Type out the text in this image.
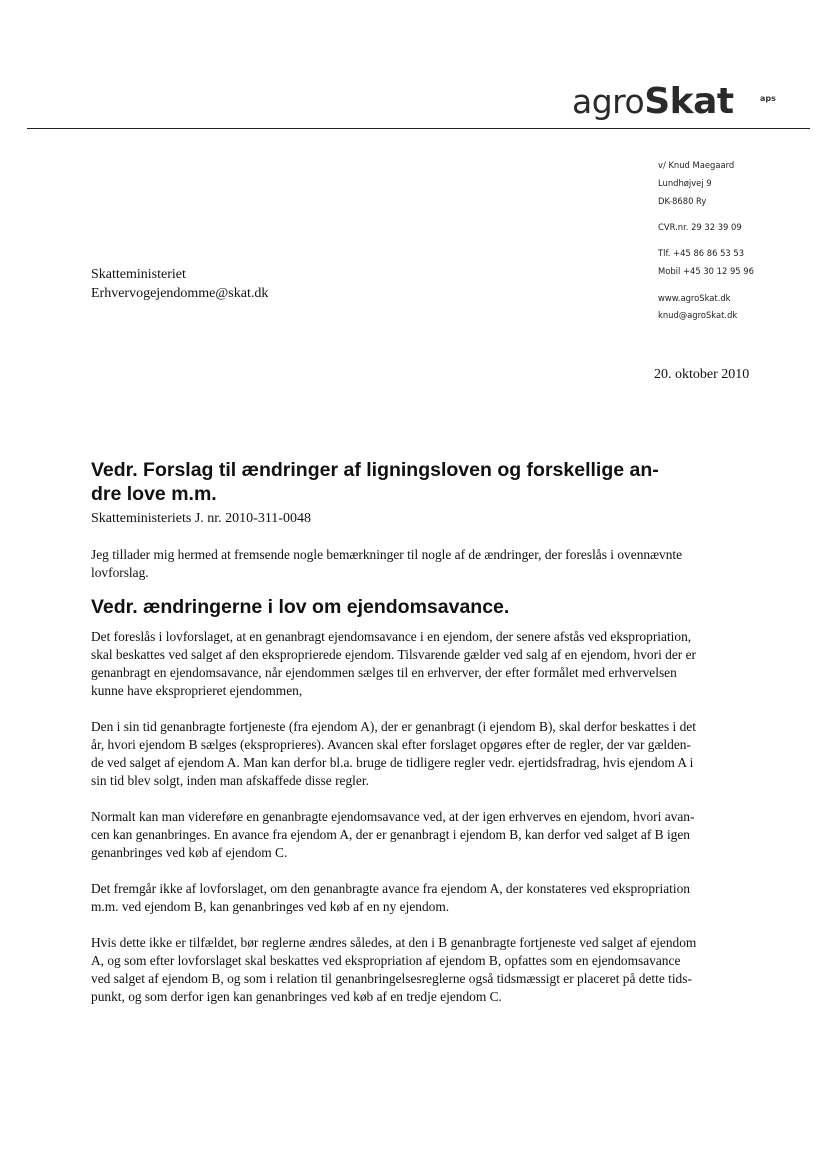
agroSkat	aps
v/ Knud Maegaard
Lundhøjvej 9
DK-8680 Ry
CVR.nr. 29 32 39 09
Tlf. +45 86 86 53 53
Mobil +45 30 12 95 96
www.agroSkat.dk
knud@agroSkat.dk
Skatteministeriet
Erhvervogejendomme@skat.dk
20. oktober 2010
Vedr. Forslag til ændringer af ligningsloven og forskellige an-
dre love m.m.
Skatteministeriets J. nr. 2010-311-0048

Jeg tillader mig hermed at fremsende nogle bemærkninger til nogle af de ændringer, der foreslås i ovennævnte
lovforslag.

Vedr. ændringerne i lov om ejendomsavance.

Det foreslås i lovforslaget, at en genanbragt ejendomsavance i en ejendom, der senere afstås ved ekspropriation,
skal beskattes ved salget af den eksproprierede ejendom. Tilsvarende gælder ved salg af en ejendom, hvori der er
genanbragt en ejendomsavance, når ejendommen sælges til en erhverver, der efter formålet med erhvervelsen
kunne have eksproprieret ejendommen,

Den i sin tid genanbragte fortjeneste (fra ejendom A), der er genanbragt (i ejendom B), skal derfor beskattes i det
år, hvori ejendom B sælges (eksproprieres). Avancen skal efter forslaget opgøres efter de regler, der var gælden-
de ved salget af ejendom A. Man kan derfor bl.a. bruge de tidligere regler vedr. ejertidsfradrag, hvis ejendom A i
sin tid blev solgt, inden man afskaffede disse regler.

Normalt kan man videreføre en genanbragte ejendomsavance ved, at der igen erhverves en ejendom, hvori avan-
cen kan genanbringes. En avance fra ejendom A, der er genanbragt i ejendom B, kan derfor ved salget af B igen
genanbringes ved køb af ejendom C.

Det fremgår ikke af lovforslaget, om den genanbragte avance fra ejendom A, der konstateres ved ekspropriation
m.m. ved ejendom B, kan genanbringes ved køb af en ny ejendom.

Hvis dette ikke er tilfældet, bør reglerne ændres således, at den i B genanbragte fortjeneste ved salget af ejendom
A, og som efter lovforslaget skal beskattes ved ekspropriation af ejendom B, opfattes som en ejendomsavance
ved salget af ejendom B, og som i relation til genanbringelsesreglerne også tidsmæssigt er placeret på dette tids-
punkt, og som derfor igen kan genanbringes ved køb af en tredje ejendom C.
